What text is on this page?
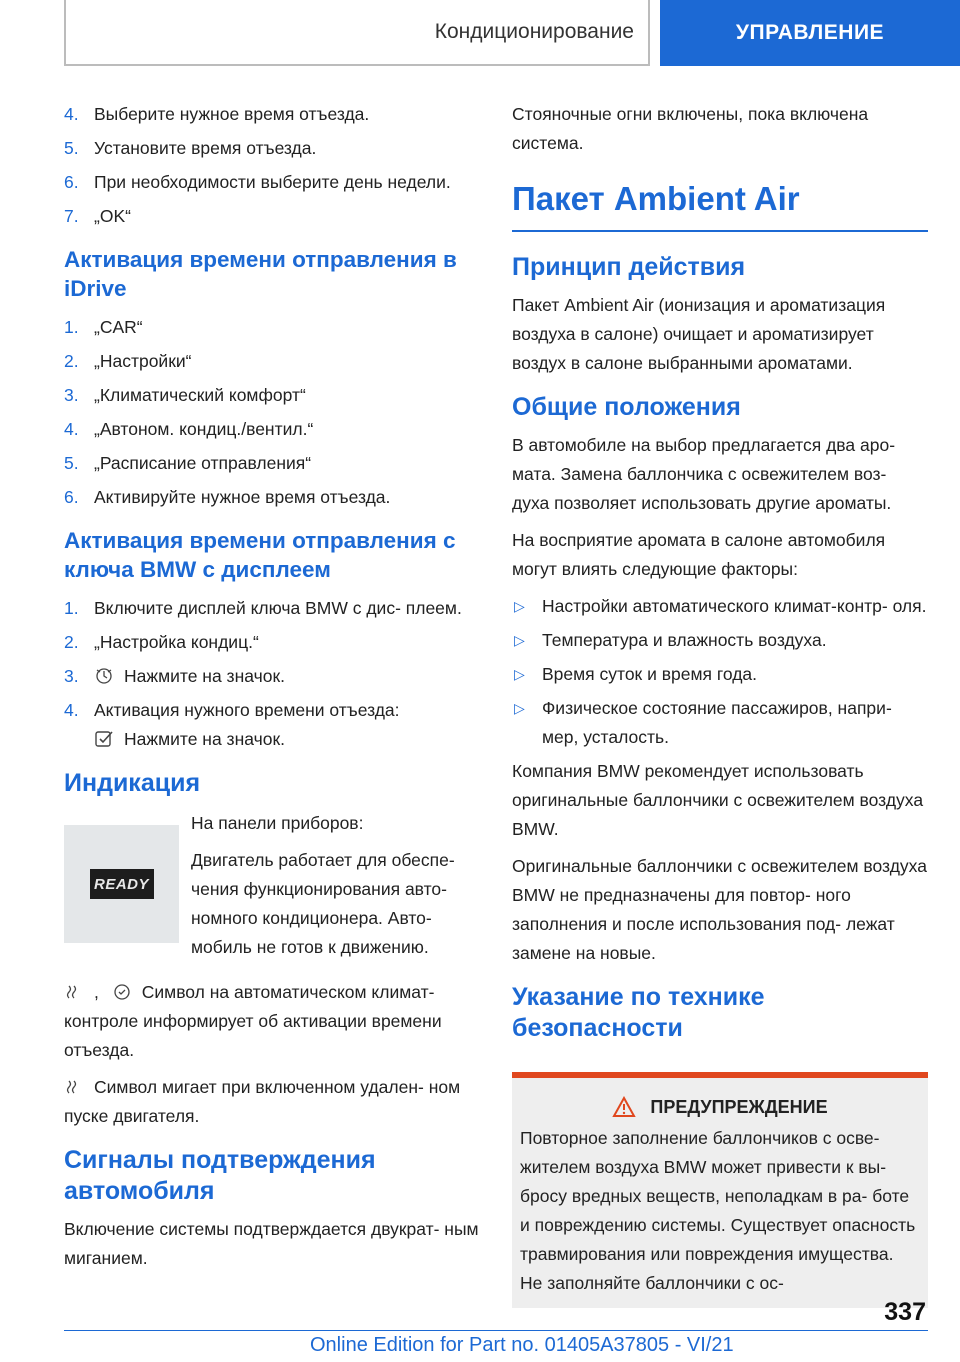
Кондиционирование	УПРАВЛЕНИЕ
4. Выберите нужное время отъезда.
5. Установите время отъезда.
6. При необходимости выберите день недели.
7. „OK“
Активация времени отправления в iDrive
1. „CAR“
2. „Настройки“
3. „Климатический комфорт“
4. „Автоном. кондиц./вентил.“
5. „Расписание отправления“
6. Активируйте нужное время отъезда.
Активация времени отправления с ключа BMW с дисплеем
1. Включите дисплей ключа BMW с дис- плеем.
2. „Настройка кондиц.“
3.	Нажмите на значок.
4. Активация нужного времени отъезда:
Нажмите на значок.
Индикация
READY

На панели приборов:

Двигатель работает для обеспе- чения функционирования авто- номного кондиционера. Авто- мобиль не готов к движению.

, Символ на автоматическом климат- контроле информирует об активации времени отъезда.

Символ мигает при включенном удален- ном пуске двигателя.

Сигналы подтверждения автомобиля

Включение системы подтверждается двукрат- ным миганием.

Стояночные огни включены, пока включена система.

Пакет Ambient Air
Принцип действия

Пакет Ambient Air (ионизация и ароматизация воздуха в салоне) очищает и ароматизирует воздух в салоне выбранными ароматами.

Общие положения

В автомобиле на выбор предлагается два аро- мата. Замена баллончика с освежителем воз- духа позволяет использовать другие ароматы.

На восприятие аромата в салоне автомобиля могут влиять следующие факторы:

▷ Настройки автоматического климат-контр- оля.
▷ Температура и влажность воздуха.
▷ Время суток и время года.
▷ Физическое состояние пассажиров, напри- мер, усталость.

Компания BMW рекомендует использовать оригинальные баллончики с освежителем воздуха BMW.

Оригинальные баллончики с освежителем воздуха BMW не предназначены для повтор- ного заполнения и после использования под- лежат замене на новые.

Указание по технике безопасности
ПРЕДУПРЕЖДЕНИЕ

Повторное заполнение баллончиков с осве- жителем воздуха BMW может привести к вы- бросу вредных веществ, неполадкам в ра- боте и повреждению системы. Существует опасность травмирования или повреждения имущества. Не заполняйте баллончики с ос-

337
Online Edition for Part no. 01405A37805 - VI/21
